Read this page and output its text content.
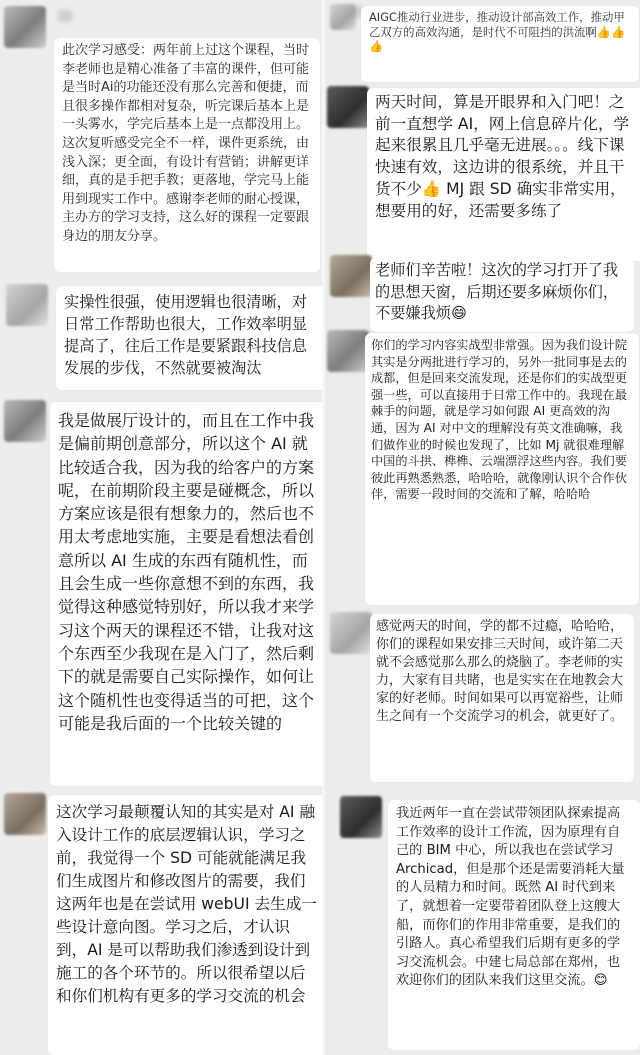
此次学习感受：两年前上过这个课程，当时李老师也是精心准备了丰富的课件，但可能是当时Ai的功能还没有那么完善和便捷，而且很多操作都相对复杂，听完课后基本上是一头雾水，学完后基本上是一点都没用上。这次复听感受完全不一样，课件更系统，由浅入深；更全面，有设计有营销；讲解更详细，真的是手把手教；更落地，学完马上能用到现实工作中。感谢李老师的耐心授课，主办方的学习支持，这么好的课程一定要跟身边的朋友分享。
实操性很强，使用逻辑也很清晰，对日常工作帮助也很大，工作效率明显提高了，往后工作是要紧跟科技信息发展的步伐，不然就要被淘汰
我是做展厅设计的，而且在工作中我是偏前期创意部分，所以这个 AI 就比较适合我，因为我的给客户的方案呢，在前期阶段主要是碰概念，所以方案应该是很有想象力的，然后也不用太考虑地实施，主要是看想法看创意所以 AI 生成的东西有随机性，而且会生成一些你意想不到的东西，我觉得这种感觉特别好，所以我才来学习这个两天的课程还不错，让我对这个东西至少我现在是入门了，然后剩下的就是需要自己实际操作，如何让这个随机性也变得适当的可把，这个可能是我后面的一个比较关键的
这次学习最颠覆认知的其实是对 AI 融入设计工作的底层逻辑认识，学习之前，我觉得一个 SD 可能就能满足我们生成图片和修改图片的需要，我们这两年也是在尝试用 webUI 去生成一些设计意向图。学习之后，才认识到，AI 是可以帮助我们渗透到设计到施工的各个环节的。所以很希望以后和你们机构有更多的学习交流的机会
AIGC推动行业进步，推动设计部高效工作，推动甲乙双方的高效沟通，是时代不可阻挡的洪流啊👍👍👍
两天时间，算是开眼界和入门吧！之前一直想学 AI，网上信息碎片化，学起来很累且几乎毫无进展。。。线下课快速有效，这边讲的很系统，并且干货不少👍 MJ 跟 SD 确实非常实用，想要用的好，还需要多练了
老师们辛苦啦！这次的学习打开了我的思想天窗，后期还要多麻烦你们，不要嫌我烦😄
你们的学习内容实战型非常强。因为我们设计院其实是分两批进行学习的，另外一批同事是去的成都，但是回来交流发现，还是你们的实战型更强一些，可以直接用于日常工作中的。我现在最棘手的问题，就是学习如何跟 AI 更高效的沟通，因为 AI 对中文的理解没有英文准确嘛，我们做作业的时候也发现了，比如 Mj 就很难理解中国的斗拱、榫榫、云端漂浮这些内容。我们要彼此再熟悉熟悉，哈哈哈，就像刚认识个合作伙伴，需要一段时间的交流和了解，哈哈哈
感觉两天的时间，学的都不过瘾，哈哈哈，你们的课程如果安排三天时间，或许第二天就不会感觉那么那么的烧脑了。李老师的实力，大家有目共睹，也是实实在在地教会大家的好老师。时间如果可以再宽裕些，让师生之间有一个交流学习的机会，就更好了。
我近两年一直在尝试带领团队探索提高工作效率的设计工作流，因为原理有自己的 BIM 中心，所以我也在尝试学习 Archicad，但是那个还是需要消耗大量的人员精力和时间。既然 AI 时代到来了，就想着一定要带着团队登上这艘大船，而你们的作用非常重要，是我们的引路人。真心希望我们后期有更多的学习交流机会。中建七局总部在郑州，也欢迎你们的团队来我们这里交流。😊
